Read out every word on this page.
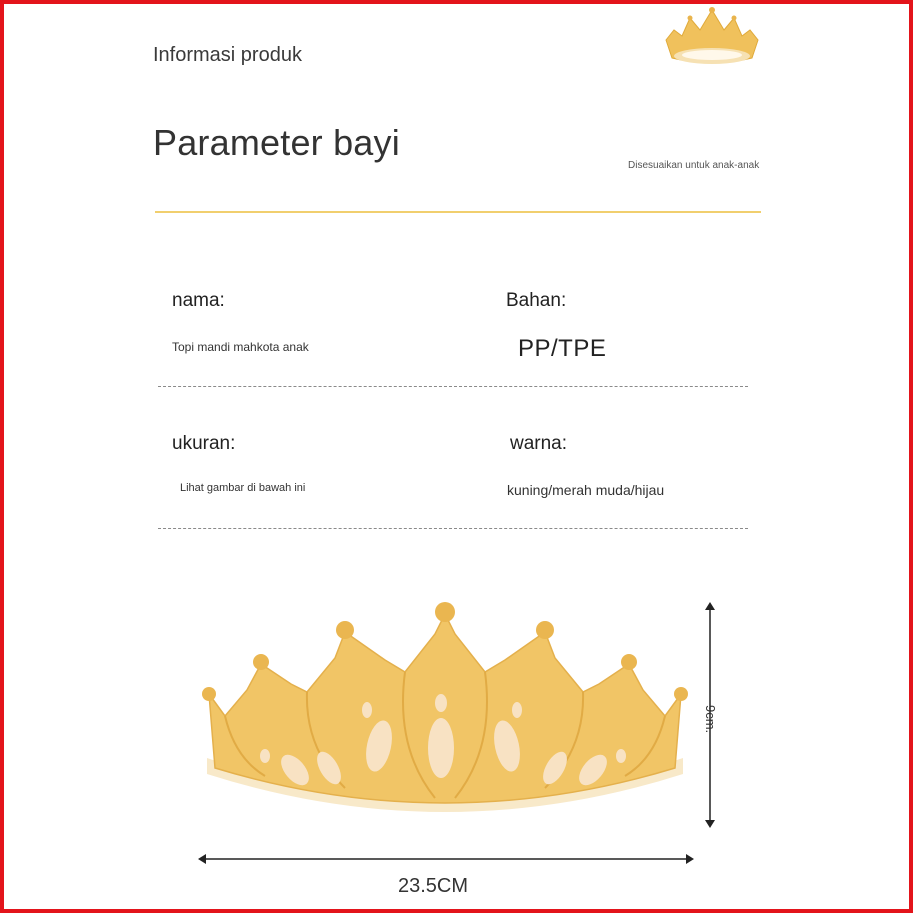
Informasi produk
Parameter bayi
Disesuaikan untuk anak-anak
nama:
Topi mandi mahkota anak
Bahan:
PP/TPE
ukuran:
Lihat gambar di bawah ini
warna:
kuning/merah muda/hijau
9cm.
23.5CM
